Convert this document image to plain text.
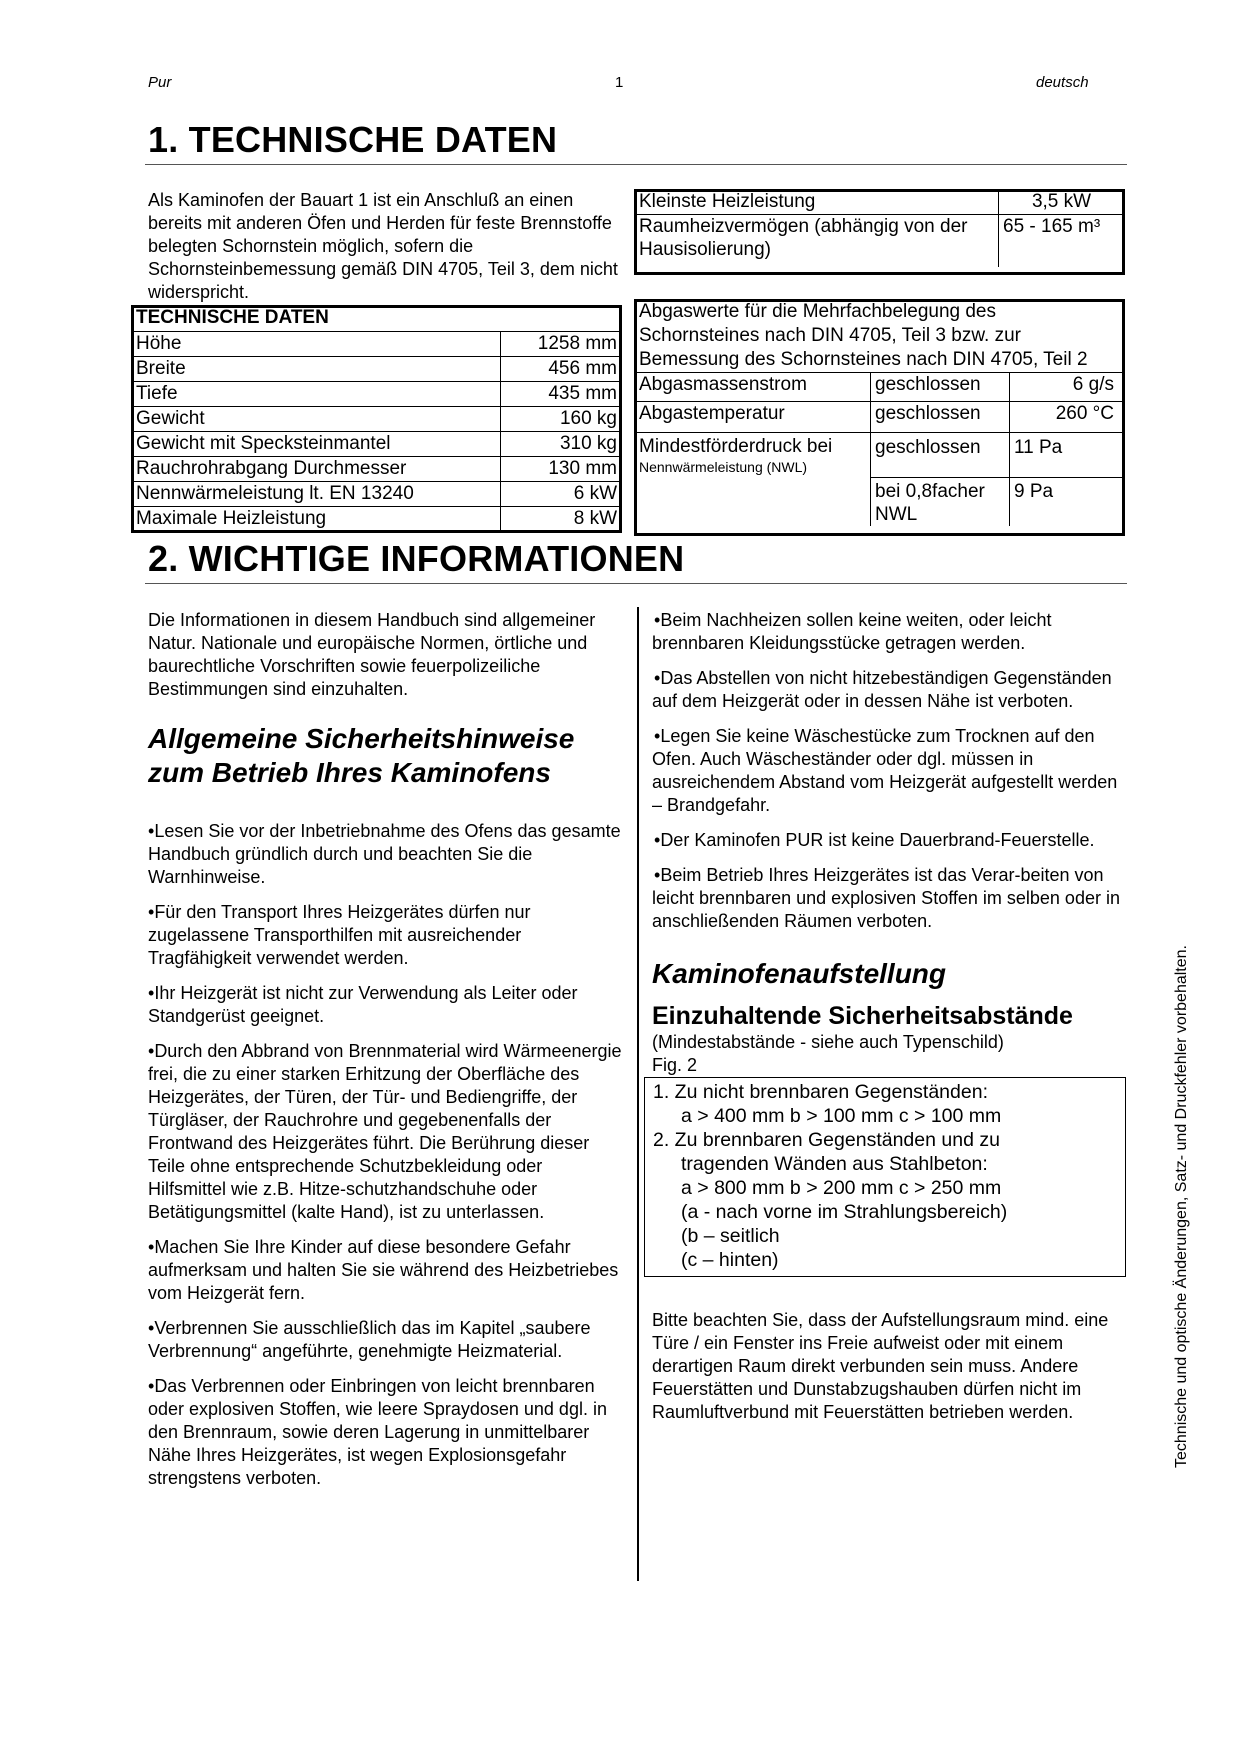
Pur	1	deutsch
1. TECHNISCHE DATEN
Als Kaminofen der Bauart 1 ist ein Anschluß an einen bereits mit anderen Öfen und Herden für feste Brennstoffe belegten Schornstein möglich, sofern die Schornsteinbemessung gemäß DIN 4705, Teil 3, dem nicht widerspricht.
Kleinste Heizleistung	3,5 kW
Raumheizvermögen (abhängig von der Hausisolierung)	65 - 165 m³
TECHNISCHE DATEN	
Höhe	1258 mm
Breite	456 mm
Tiefe	435 mm
Gewicht	160 kg
Gewicht mit Specksteinmantel	310 kg
Rauchrohrabgang Durchmesser	130 mm
Nennwärmeleistung lt. EN 13240	6 kW
Maximale Heizleistung	8 kW
Abgaswerte für die Mehrfachbelegung des Schornsteines nach DIN 4705, Teil 3 bzw. zur Bemessung des Schornsteines nach DIN 4705, Teil 2		
Abgasmassenstrom	geschlossen	6 g/s
Abgastemperatur	geschlossen	260 °C

Mindestförderdruck bei
Nennwärmeleistung (NWL)	geschlossen	11 Pa
	bei 0,8facher NWL	9 Pa
2. WICHTIGE INFORMATIONEN
Die Informationen in diesem Handbuch sind allgemeiner Natur. Nationale und europäische Normen, örtliche und baurechtliche Vorschriften sowie feuerpolizeiliche Bestimmungen sind einzuhalten.
Allgemeine Sicherheitshinweise zum Betrieb Ihres Kaminofens
•Lesen Sie vor der Inbetriebnahme des Ofens das gesamte Handbuch gründlich durch und beachten Sie die Warnhinweise.
•Für den Transport Ihres Heizgerätes dürfen nur zugelassene Transporthilfen mit ausreichender Tragfähigkeit verwendet werden.
•Ihr Heizgerät ist nicht zur Verwendung als Leiter oder Standgerüst geeignet.
•Durch den Abbrand von Brennmaterial wird Wärmeenergie frei, die zu einer starken Erhitzung der Oberfläche des Heizgerätes, der Türen, der Tür- und Bediengriffe, der Türgläser, der Rauchrohre und gegebenenfalls der Frontwand des Heizgerätes führt. Die Berührung dieser Teile ohne entsprechende Schutzbekleidung oder Hilfsmittel wie z.B. Hitze-schutzhandschuhe oder Betätigungsmittel (kalte Hand), ist zu unterlassen.
•Machen Sie Ihre Kinder auf diese besondere Gefahr aufmerksam und halten Sie sie während des Heizbetriebes vom Heizgerät fern.
•Verbrennen Sie ausschließlich das im Kapitel „saubere Verbrennung“ angeführte, genehmigte Heizmaterial.
•Das Verbrennen oder Einbringen von leicht brennbaren oder explosiven Stoffen, wie leere Spraydosen und dgl. in den Brennraum, sowie deren Lagerung in unmittelbarer Nähe Ihres Heizgerätes, ist wegen Explosionsgefahr strengstens verboten.
•Beim Nachheizen sollen keine weiten, oder leicht brennbaren Kleidungsstücke getragen werden.
•Das Abstellen von nicht hitzebeständigen Gegenständen auf dem Heizgerät oder in dessen Nähe ist verboten.
•Legen Sie keine Wäschestücke zum Trocknen auf den Ofen. Auch Wäscheständer oder dgl. müssen in ausreichendem Abstand vom Heizgerät aufgestellt werden – Brandgefahr.
•Der Kaminofen PUR ist keine Dauerbrand-Feuerstelle.
•Beim Betrieb Ihres Heizgerätes ist das Verar-beiten von leicht brennbaren und explosiven Stoffen im selben oder in anschließenden Räumen verboten.
Kaminofenaufstellung
Einzuhaltende Sicherheitsabstände
(Mindestabstände - siehe auch Typenschild)
Fig. 2
1. Zu nicht brennbaren Gegenständen:
a > 400 mm b > 100 mm c > 100 mm
2. Zu brennbaren Gegenständen und zu
tragenden Wänden aus Stahlbeton:
a > 800 mm b > 200 mm c > 250 mm
(a - nach vorne im Strahlungsbereich)
(b – seitlich
(c – hinten)
Bitte beachten Sie, dass der Aufstellungsraum mind. eine Türe / ein Fenster ins Freie aufweist oder mit einem derartigen Raum direkt verbunden sein muss. Andere Feuerstätten und Dunstabzugshauben dürfen nicht im Raumluftverbund mit Feuerstätten betrieben werden.	Technische und optische Änderungen, Satz- und Druckfehler vorbehalten.
